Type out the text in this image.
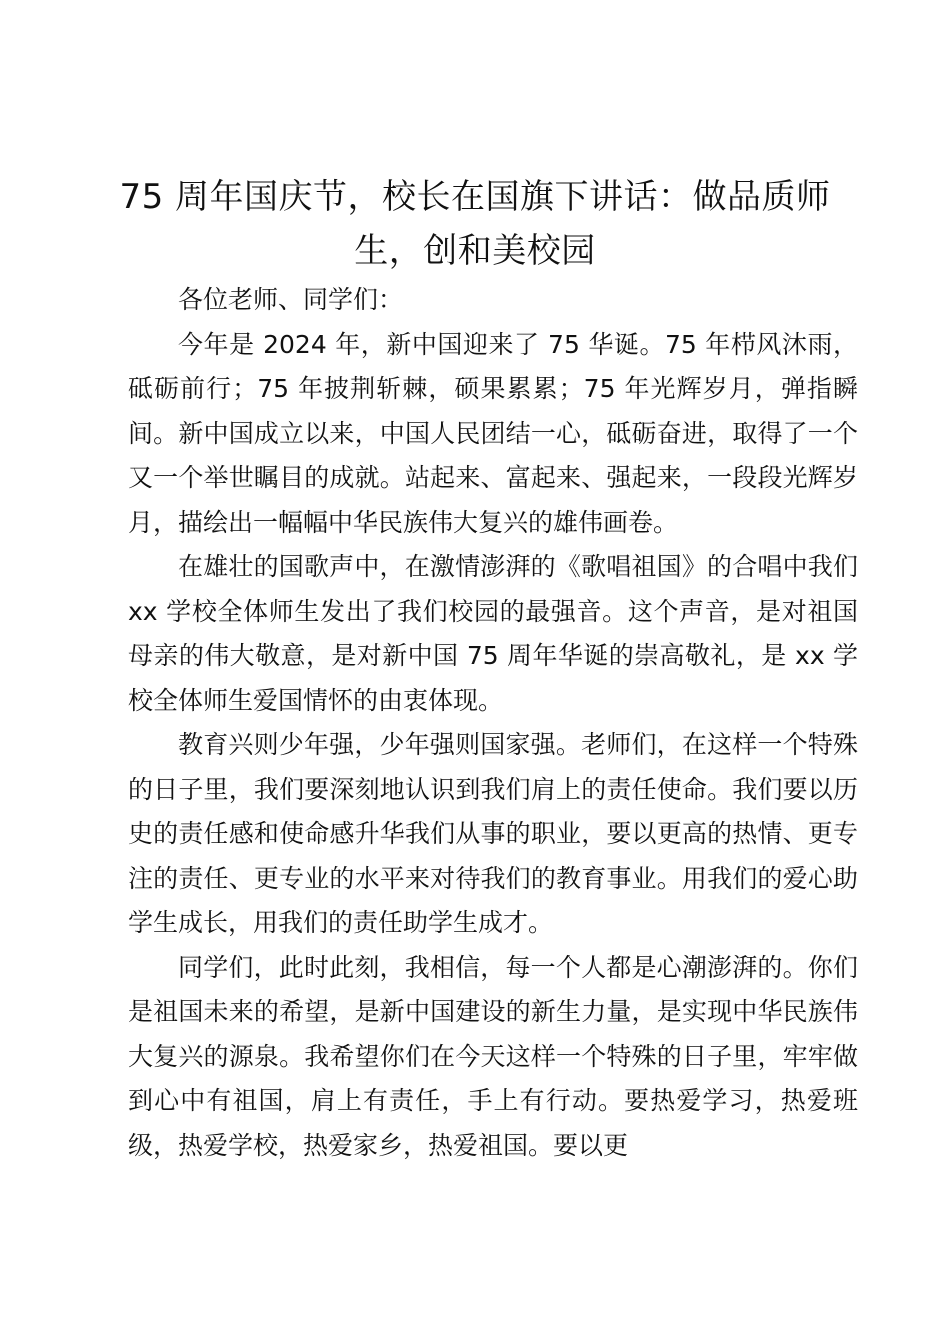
75 周年国庆节，校长在国旗下讲话：做品质师生，创和美校园

各位老师、同学们：

今年是 2024 年，新中国迎来了 75 华诞。75 年栉风沐雨，砥砺前行；75 年披荆斩棘，硕果累累；75 年光辉岁月，弹指瞬间。新中国成立以来，中国人民团结一心，砥砺奋进，取得了一个又一个举世瞩目的成就。站起来、富起来、强起来，一段段光辉岁月，描绘出一幅幅中华民族伟大复兴的雄伟画卷。

在雄壮的国歌声中，在激情澎湃的《歌唱祖国》的合唱中我们 xx 学校全体师生发出了我们校园的最强音。这个声音，是对祖国母亲的伟大敬意，是对新中国 75 周年华诞的崇高敬礼，是 xx 学校全体师生爱国情怀的由衷体现。

教育兴则少年强，少年强则国家强。老师们，在这样一个特殊的日子里，我们要深刻地认识到我们肩上的责任使命。我们要以历史的责任感和使命感升华我们从事的职业，要以更高的热情、更专注的责任、更专业的水平来对待我们的教育事业。用我们的爱心助学生成长，用我们的责任助学生成才。

同学们，此时此刻，我相信，每一个人都是心潮澎湃的。你们是祖国未来的希望，是新中国建设的新生力量，是实现中华民族伟大复兴的源泉。我希望你们在今天这样一个特殊的日子里，牢牢做到心中有祖国，肩上有责任，手上有行动。要热爱学习，热爱班级，热爱学校，热爱家乡，热爱祖国。要以更
